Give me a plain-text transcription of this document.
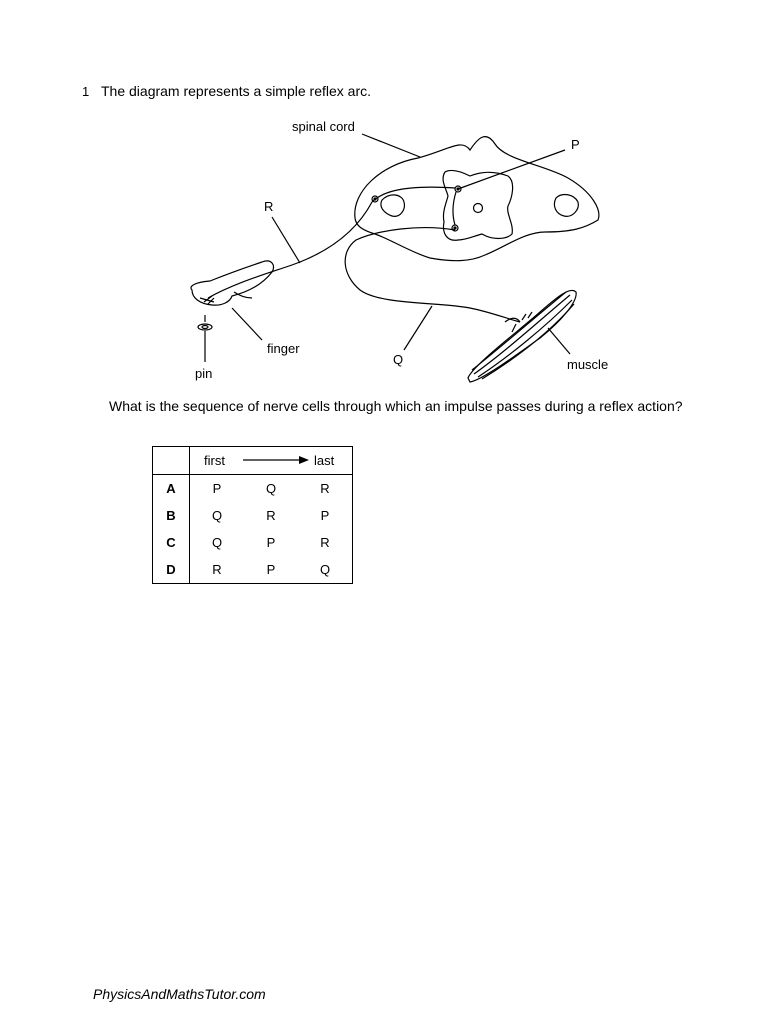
1 The diagram represents a simple reflex arc.
spinal cord
P
R
finger
pin
Q	muscle
What is the sequence of nerve cells through which an impulse passes during a reflex action?

	first last		

A	P	Q	R
B	Q	R	P
C	Q	P	R
D	R	P	Q
PhysicsAndMathsTutor.com
